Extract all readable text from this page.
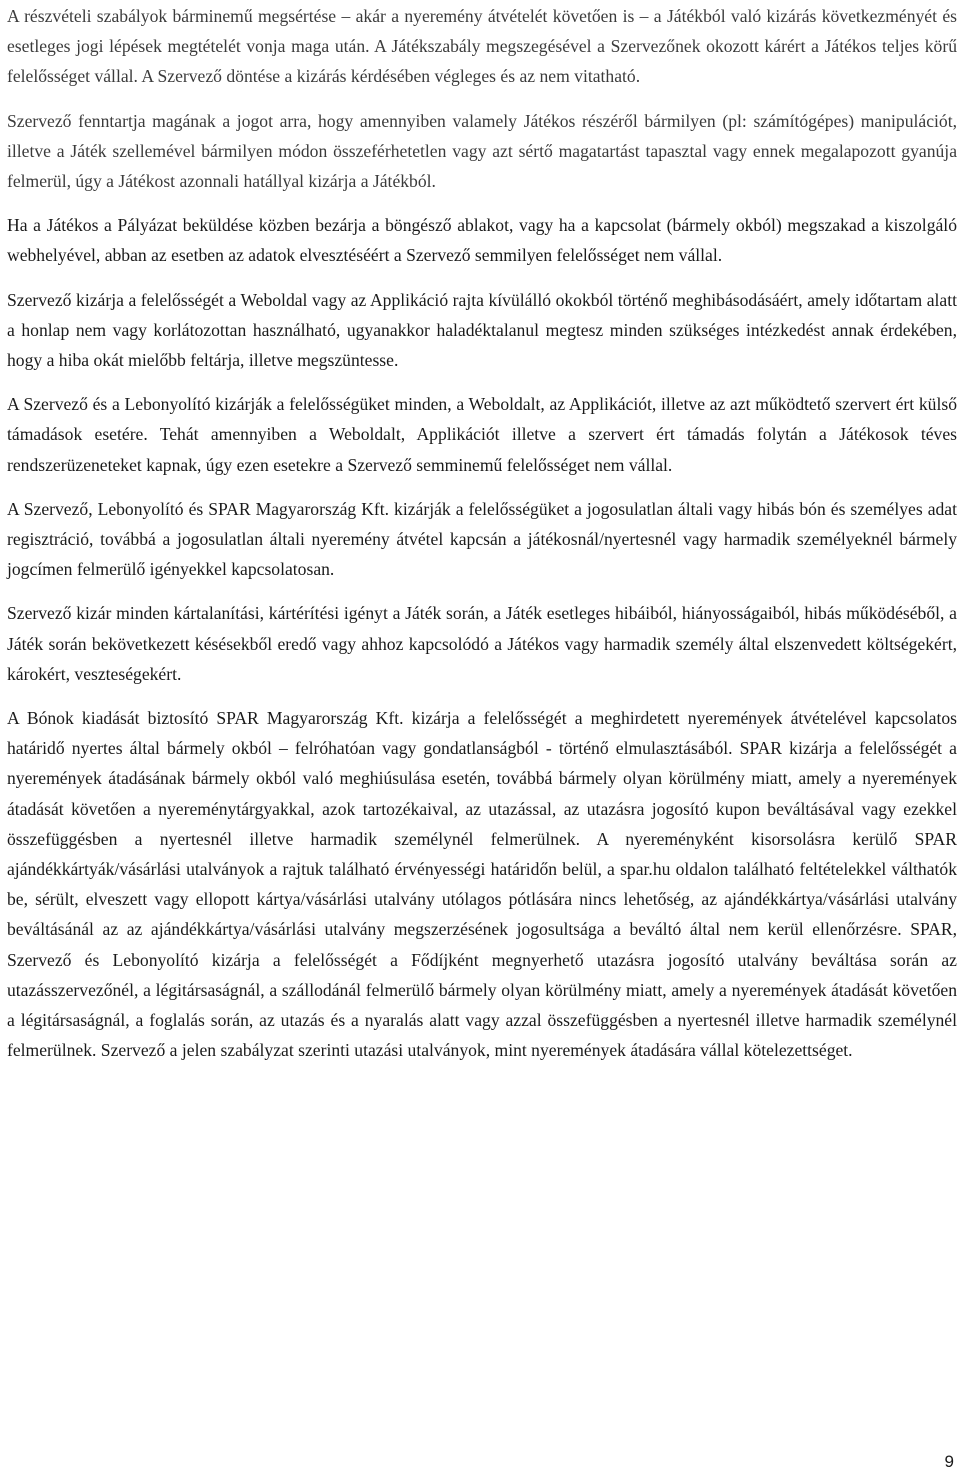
A részvételi szabályok bárminemű megsértése – akár a nyeremény átvételét követően is – a Játékból való kizárás következményét és esetleges jogi lépések megtételét vonja maga után. A Játékszabály megszegésével a Szervezőnek okozott kárért a Játékos teljes körű felelősséget vállal. A Szervező döntése a kizárás kérdésében végleges és az nem vitatható.

Szervező fenntartja magának a jogot arra, hogy amennyiben valamely Játékos részéről bármilyen (pl: számítógépes) manipulációt, illetve a Játék szellemével bármilyen módon összeférhetetlen vagy azt sértő magatartást tapasztal vagy ennek megalapozott gyanúja felmerül, úgy a Játékost azonnali hatállyal kizárja a Játékból.

Ha a Játékos a Pályázat beküldése közben bezárja a böngésző ablakot, vagy ha a kapcsolat (bármely okból) megszakad a kiszolgáló webhelyével, abban az esetben az adatok elvesztéséért a Szervező semmilyen felelősséget nem vállal.

Szervező kizárja a felelősségét a Weboldal vagy az Applikáció rajta kívülálló okokból történő meghibásodásáért, amely időtartam alatt a honlap nem vagy korlátozottan használható, ugyanakkor haladéktalanul megtesz minden szükséges intézkedést annak érdekében, hogy a hiba okát mielőbb feltárja, illetve megszüntesse.

A Szervező és a Lebonyolító kizárják a felelősségüket minden, a Weboldalt, az Applikációt, illetve az azt működtető szervert ért külső támadások esetére. Tehát amennyiben a Weboldalt, Applikációt illetve a szervert ért támadás folytán a Játékosok téves rendszerüzeneteket kapnak, úgy ezen esetekre a Szervező semminemű felelősséget nem vállal.

A Szervező, Lebonyolító és SPAR Magyarország Kft. kizárják a felelősségüket a jogosulatlan általi vagy hibás bón és személyes adat regisztráció, továbbá a jogosulatlan általi nyeremény átvétel kapcsán a játékosnál/nyertesnél vagy harmadik személyeknél bármely jogcímen felmerülő igényekkel kapcsolatosan.

Szervező kizár minden kártalanítási, kártérítési igényt a Játék során, a Játék esetleges hibáiból, hiányosságaiból, hibás működéséből, a Játék során bekövetkezett késésekből eredő vagy ahhoz kapcsolódó a Játékos vagy harmadik személy által elszenvedett költségekért, károkért, veszteségekért.

A Bónok kiadását biztosító SPAR Magyarország Kft. kizárja a felelősségét a meghirdetett nyeremények átvételével kapcsolatos határidő nyertes által bármely okból – felróhatóan vagy gondatlanságból - történő elmulasztásából. SPAR kizárja a felelősségét a nyeremények átadásának bármely okból való meghiúsulása esetén, továbbá bármely olyan körülmény miatt, amely a nyeremények átadását követően a nyereménytárgyakkal, azok tartozékaival, az utazással, az utazásra jogosító kupon beváltásával vagy ezekkel összefüggésben a nyertesnél illetve harmadik személynél felmerülnek. A nyereményként kisorsolásra kerülő SPAR ajándékkártyák/vásárlási utalványok a rajtuk található érvényességi határidőn belül, a spar.hu oldalon található feltételekkel válthatók be, sérült, elveszett vagy ellopott kártya/vásárlási utalvány utólagos pótlására nincs lehetőség, az ajándékkártya/vásárlási utalvány beváltásánál az az ajándékkártya/vásárlási utalvány megszerzésének jogosultsága a beváltó által nem kerül ellenőrzésre. SPAR, Szervező és Lebonyolító kizárja a felelősségét a Fődíjként megnyerhető utazásra jogosító utalvány beváltása során az utazásszervezőnél, a légitársaságnál, a szállodánál felmerülő bármely olyan körülmény miatt, amely a nyeremények átadását követően a légitársaságnál, a foglalás során, az utazás és a nyaralás alatt vagy azzal összefüggésben a nyertesnél illetve harmadik személynél felmerülnek. Szervező a jelen szabályzat szerinti utazási utalványok, mint nyeremények átadására vállal kötelezettséget.

9
